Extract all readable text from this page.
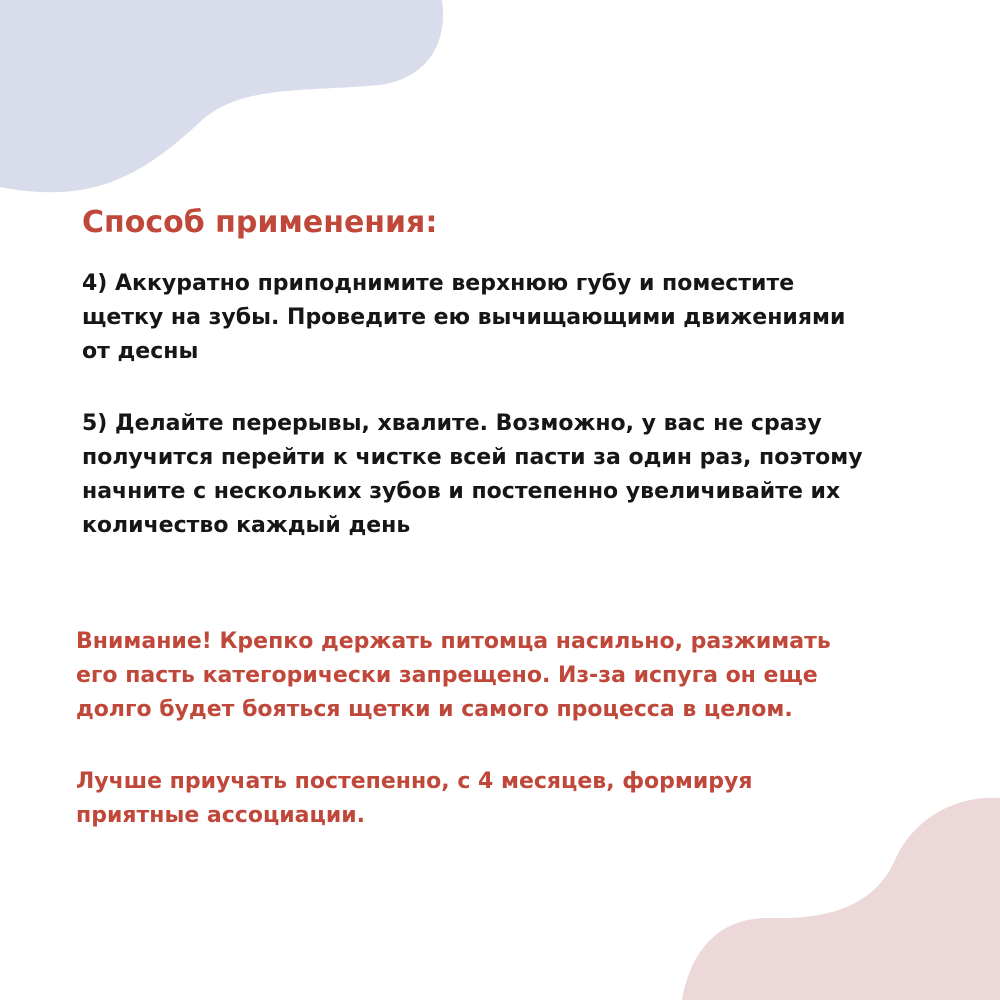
Способ применения:

4) Аккуратно приподнимите верхнюю губу и поместите
щетку на зубы. Проведите ею вычищающими движениями
от десны

5) Делайте перерывы, хвалите. Возможно, у вас не сразу
получится перейти к чистке всей пасти за один раз, поэтому
начните с нескольких зубов и постепенно увеличивайте их
количество каждый день

Внимание! Крепко держать питомца насильно, разжимать
его пасть категорически запрещено. Из-за испуга он еще
долго будет бояться щетки и самого процесса в целом.

Лучше приучать постепенно, с 4 месяцев, формируя
приятные ассоциации.
